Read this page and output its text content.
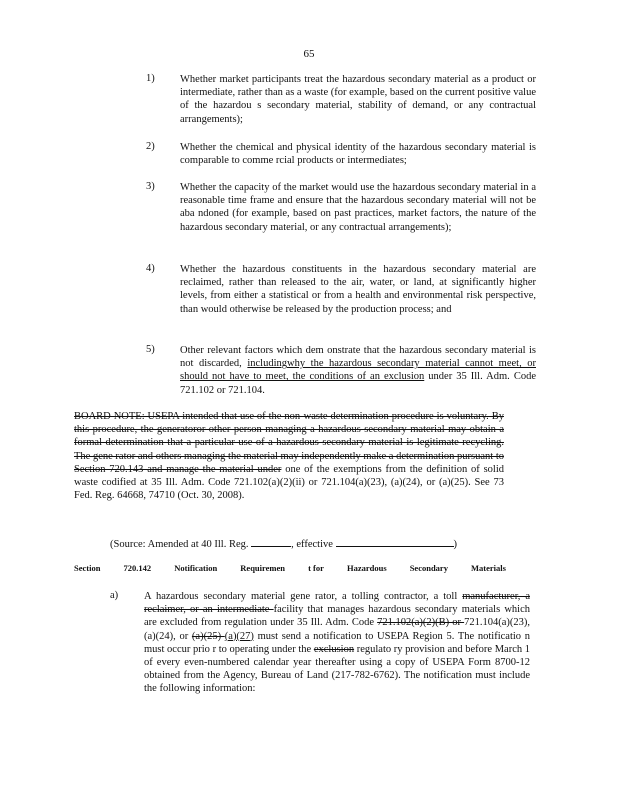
65
1) Whether market participants treat the hazardous secondary material as a product or intermediate, rather than as a waste (for example, based on the current positive value of the hazardou s secondary material, stability of demand, or any contractual arrangements);
2) Whether the chemical and physical identity of the hazardous secondary material is comparable to comme rcial products or intermediates;
3) Whether the capacity of the market would use the hazardous secondary material in a reasonable time frame and ensure that the hazardous secondary material will not be aba ndoned (for example, based on past practices, market factors, the nature of the hazardous secondary material, or any contractual arrangements);
4) Whether the hazardous constituents in the hazardous secondary material are reclaimed, rather than released to the air, water, or land, at significantly higher levels, from either a statistical or from a health and environmental risk perspective, than would otherwise be released by the production process; and
5) Other relevant factors which dem onstrate that the hazardous secondary material is not discarded, includingwhy the hazardous secondary material cannot meet, or should not have to meet, the conditions of an exclusion under 35 Ill. Adm. Code 721.102 or 721.104.
BOARD NOTE: USEPA intended that use of the non-waste determination procedure is voluntary. By this procedure, the generatoror other person managing a hazardous secondary material may obtain a formal determination that a particular use of a hazardous secondary material is legitimate recycling. The gene rator and others managing the material may independently make a determination pursuant to Section 720.143 and manage the material under one of the exemptions from the definition of solid waste codified at 35 Ill. Adm. Code 721.102(a)(2)(ii) or 721.104(a)(23), (a)(24), or (a)(25). See 73 Fed. Reg. 64668, 74710 (Oct. 30, 2008).
(Source: Amended at 40 Ill. Reg.	, effective	)
Section	720.142	Notification	Requiremen	t for	Hazardous	Secondary	Materials
a) A hazardous secondary material gene rator, a tolling contractor, a toll manufacturer, a reclaimer, or an intermediate facility that manages hazardous secondary materials which are excluded from regulation under 35 Ill. Adm. Code 721.102(a)(2)(B) or 721.104(a)(23), (a)(24), or (a)(25) (a)(27) must send a notification to USEPA Region 5. The notificatio n must occur prio r to operating under the exclusion regulato ry provision and before March 1 of every even-numbered calendar year thereafter using a copy of USEPA Form 8700-12 obtained from the Agency, Bureau of Land (217-782-6762). The notification must include the following information:
